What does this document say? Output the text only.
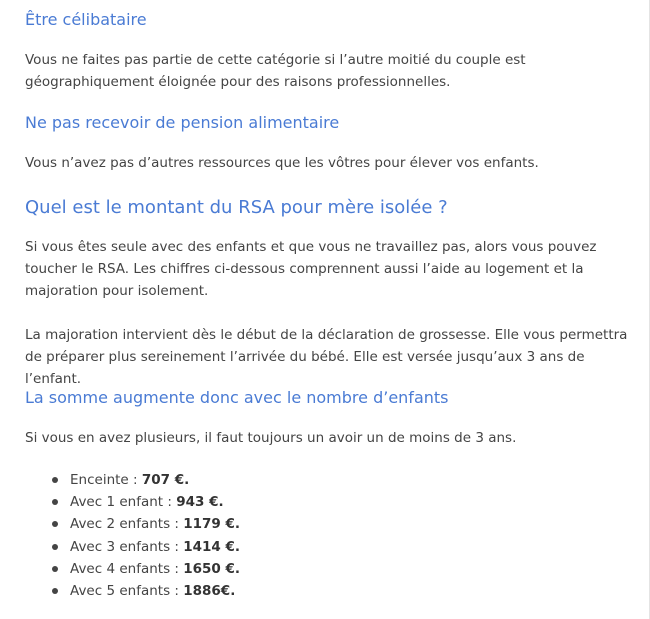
Être célibataire

Vous ne faites pas partie de cette catégorie si l’autre moitié du couple est géographiquement éloignée pour des raisons professionnelles.

Ne pas recevoir de pension alimentaire

Vous n’avez pas d’autres ressources que les vôtres pour élever vos enfants.

Quel est le montant du RSA pour mère isolée ?

Si vous êtes seule avec des enfants et que vous ne travaillez pas, alors vous pouvez toucher le RSA. Les chiffres ci-dessous comprennent aussi l’aide au logement et la majoration pour isolement.

La majoration intervient dès le début de la déclaration de grossesse. Elle vous permettra de préparer plus sereinement l’arrivée du bébé. Elle est versée jusqu’aux 3 ans de l’enfant.

La somme augmente donc avec le nombre d’enfants

Si vous en avez plusieurs, il faut toujours un avoir un de moins de 3 ans.

Enceinte : 707 €.
Avec 1 enfant : 943 €.
Avec 2 enfants : 1179 €.
Avec 3 enfants : 1414 €.
Avec 4 enfants : 1650 €.
Avec 5 enfants : 1886€.
